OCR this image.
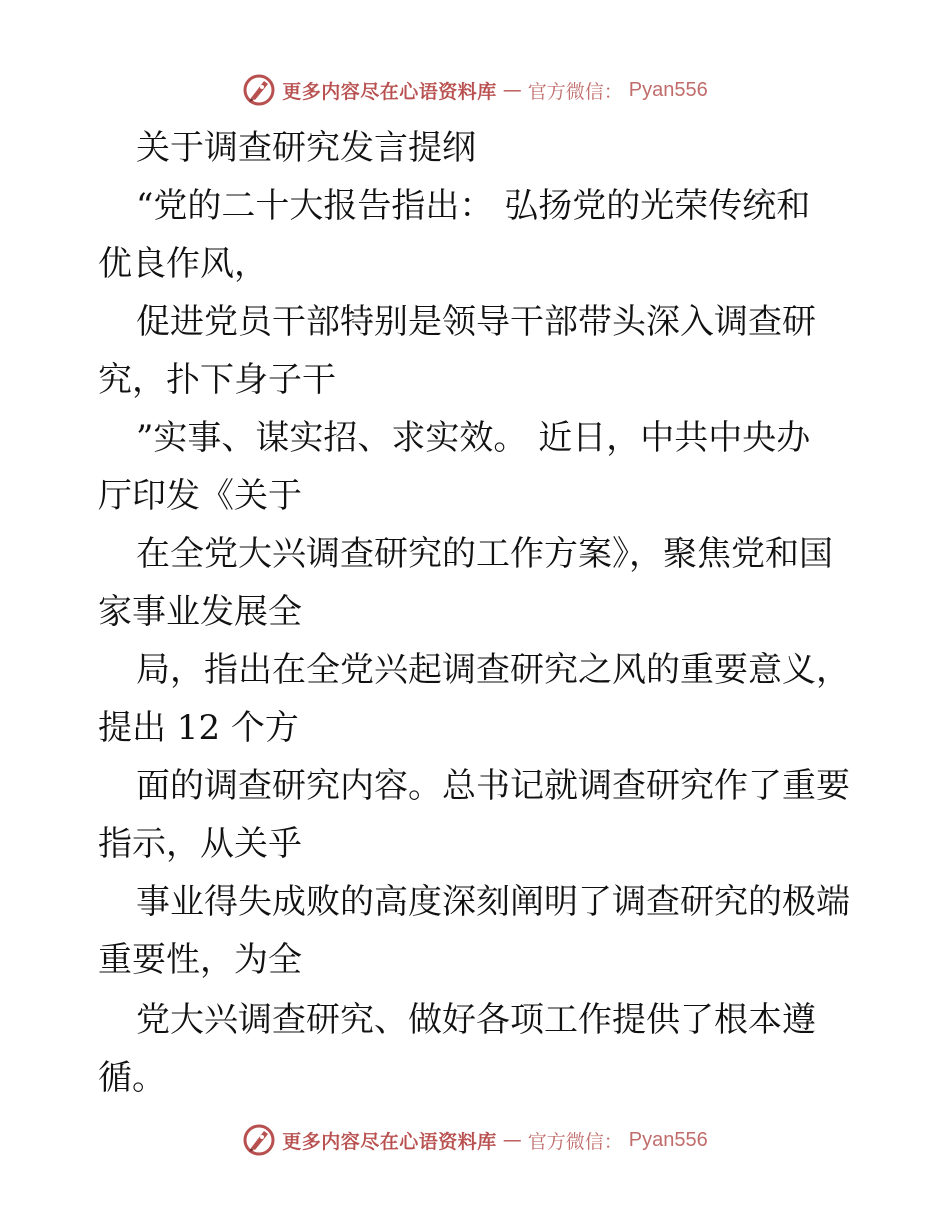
更多内容尽在心语资料库 — 官方微信： Pyan556
关于调查研究发言提纲
“党的二十大报告指出： 弘扬党的光荣传统和
优良作风，
促进党员干部特别是领导干部带头深入调查研
究，扑下身子干
”实事、谋实招、求实效。 近日，中共中央办
厅印发《关于
在全党大兴调查研究的工作方案》，聚焦党和国
家事业发展全
局，指出在全党兴起调查研究之风的重要意义，
提出 12 个方
面的调查研究内容。总书记就调查研究作了重要
指示，从关乎
事业得失成败的高度深刻阐明了调查研究的极端
重要性，为全
党大兴调查研究、做好各项工作提供了根本遵
循。
更多内容尽在心语资料库 — 官方微信： Pyan556
